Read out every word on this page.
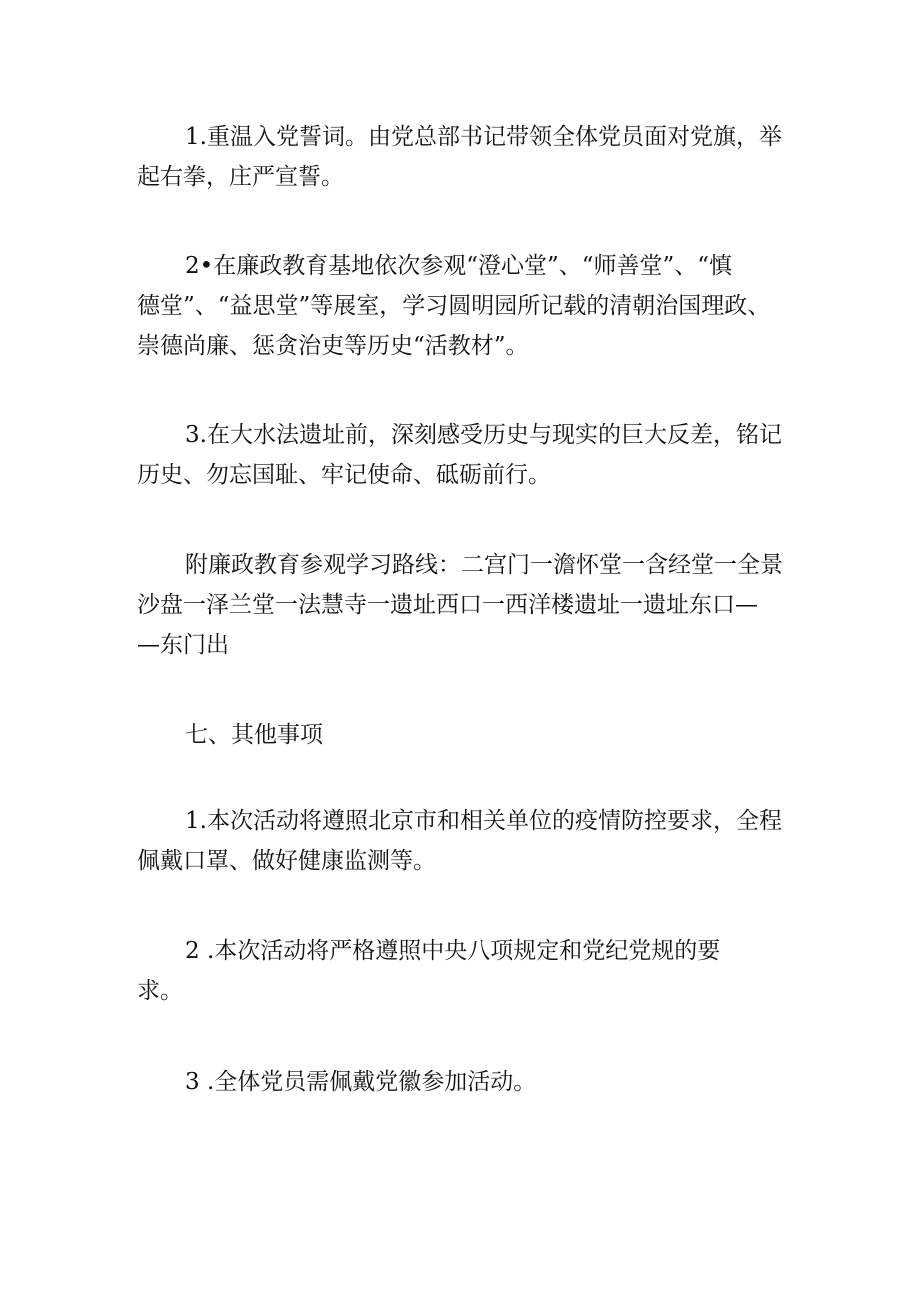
1.重温入党誓词。由党总部书记带领全体党员面对党旗，举
起右拳，庄严宣誓。

2•在廉政教育基地依次参观“澄心堂”、“师善堂”、“慎
德堂”、“益思堂”等展室，学习圆明园所记载的清朝治国理政、
崇德尚廉、惩贪治吏等历史“活教材”。

3.在大水法遗址前，深刻感受历史与现实的巨大反差，铭记
历史、勿忘国耻、牢记使命、砥砺前行。

附廉政教育参观学习路线：二宫门一澹怀堂一含经堂一全景
沙盘一泽兰堂一法慧寺一遗址西口一西洋楼遗址一遗址东口—
—东门出

七、其他事项

1.本次活动将遵照北京市和相关单位的疫情防控要求，全程
佩戴口罩、做好健康监测等。

2 .本次活动将严格遵照中央八项规定和党纪党规的要
求。

3 .全体党员需佩戴党徽参加活动。
